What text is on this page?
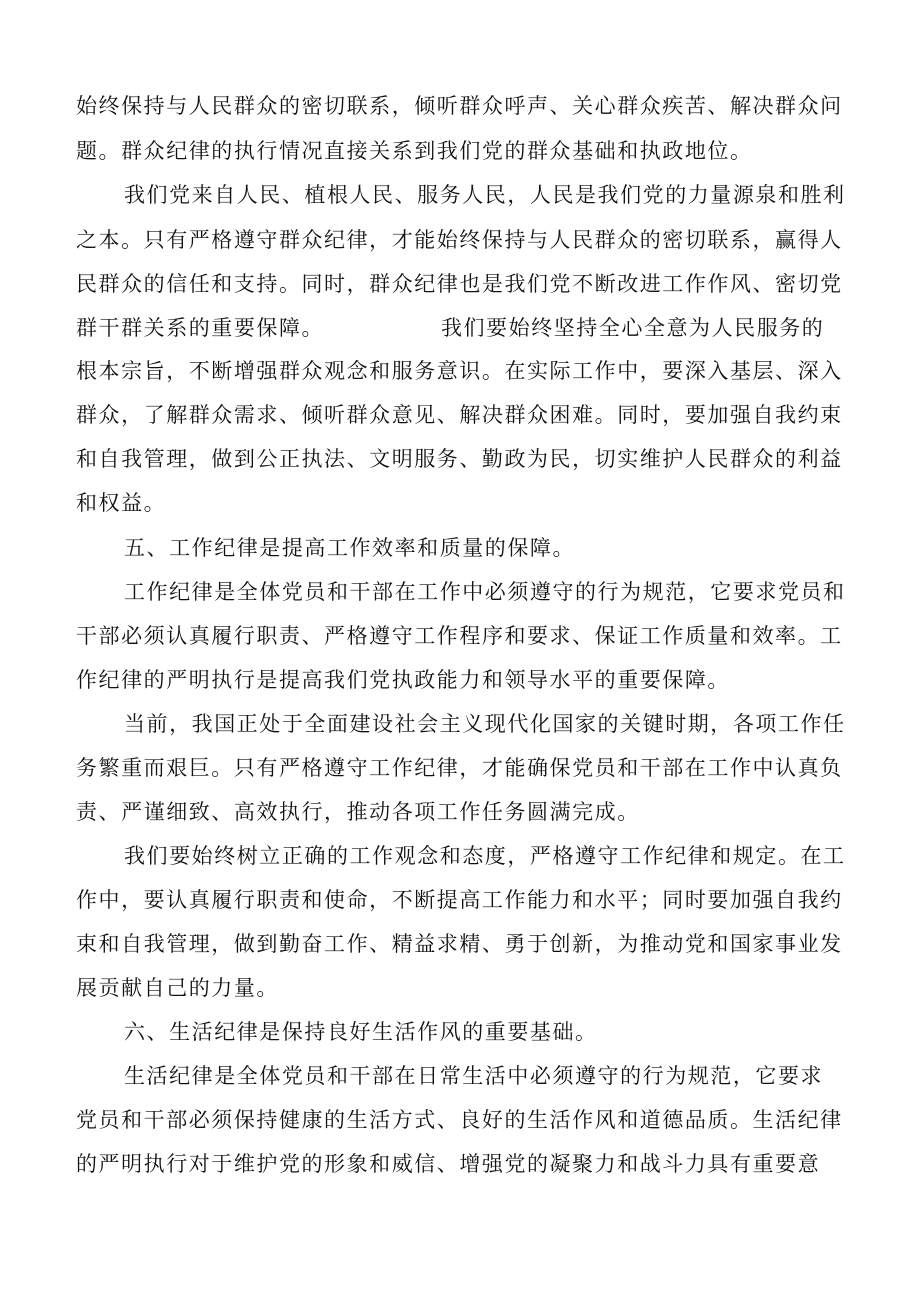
始终保持与人民群众的密切联系，倾听群众呼声、关心群众疾苦、解决群众问
题。群众纪律的执行情况直接关系到我们党的群众基础和执政地位。
我们党来自人民、植根人民、服务人民，人民是我们党的力量源泉和胜利
之本。只有严格遵守群众纪律，才能始终保持与人民群众的密切联系，赢得人
民群众的信任和支持。同时，群众纪律也是我们党不断改进工作作风、密切党
群干群关系的重要保障。	我们要始终坚持全心全意为人民服务的
根本宗旨，不断增强群众观念和服务意识。在实际工作中，要深入基层、深入
群众，了解群众需求、倾听群众意见、解决群众困难。同时，要加强自我约束
和自我管理，做到公正执法、文明服务、勤政为民，切实维护人民群众的利益
和权益。
五、工作纪律是提高工作效率和质量的保障。
工作纪律是全体党员和干部在工作中必须遵守的行为规范，它要求党员和
干部必须认真履行职责、严格遵守工作程序和要求、保证工作质量和效率。工
作纪律的严明执行是提高我们党执政能力和领导水平的重要保障。
当前，我国正处于全面建设社会主义现代化国家的关键时期，各项工作任
务繁重而艰巨。只有严格遵守工作纪律，才能确保党员和干部在工作中认真负
责、严谨细致、高效执行，推动各项工作任务圆满完成。
我们要始终树立正确的工作观念和态度，严格遵守工作纪律和规定。在工
作中，要认真履行职责和使命，不断提高工作能力和水平；同时要加强自我约
束和自我管理，做到勤奋工作、精益求精、勇于创新，为推动党和国家事业发
展贡献自己的力量。
六、生活纪律是保持良好生活作风的重要基础。
生活纪律是全体党员和干部在日常生活中必须遵守的行为规范，它要求
党员和干部必须保持健康的生活方式、良好的生活作风和道德品质。生活纪律
的严明执行对于维护党的形象和威信、增强党的凝聚力和战斗力具有重要意
